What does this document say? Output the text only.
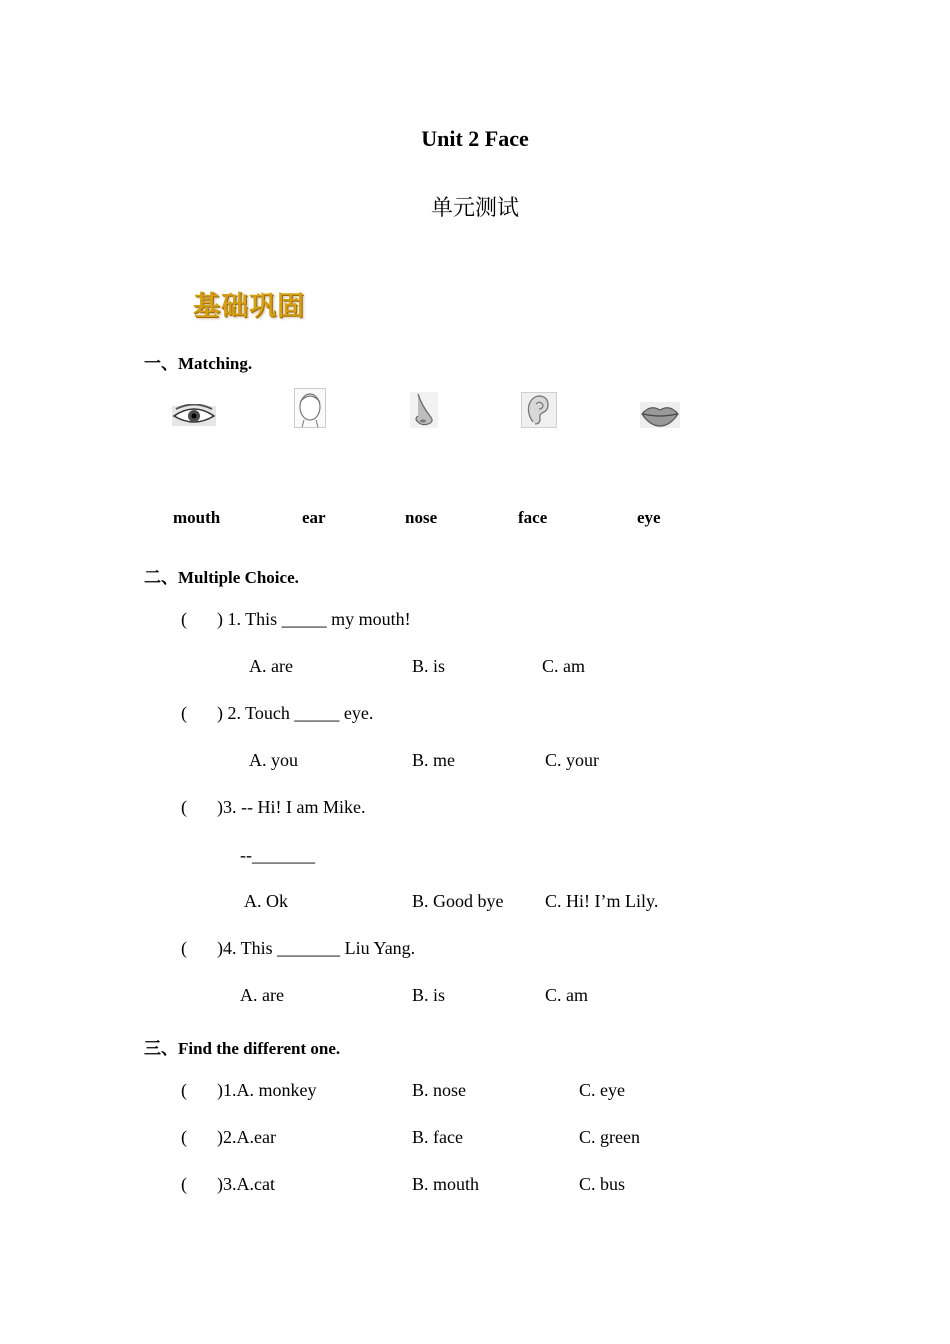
Unit 2 Face
单元测试
基础巩固
一、Matching.
mouth	ear	nose	face	eye
二、Multiple Choice.
( ) 1. This _____ my mouth!
A. are	B. is	C. am
( ) 2. Touch _____ eye.
A. you	B. me	C. your
( )3. -- Hi! I am Mike.
--_______
A. Ok	B. Good bye C. Hi! I’m Lily.
( )4. This _______ Liu Yang.
A. are	B. is	C. am
三、Find the different one.
( )1.A. monkey	B. nose	C. eye
( )2.A.ear	B. face	C. green
( )3.A.cat	B. mouth	C. bus
